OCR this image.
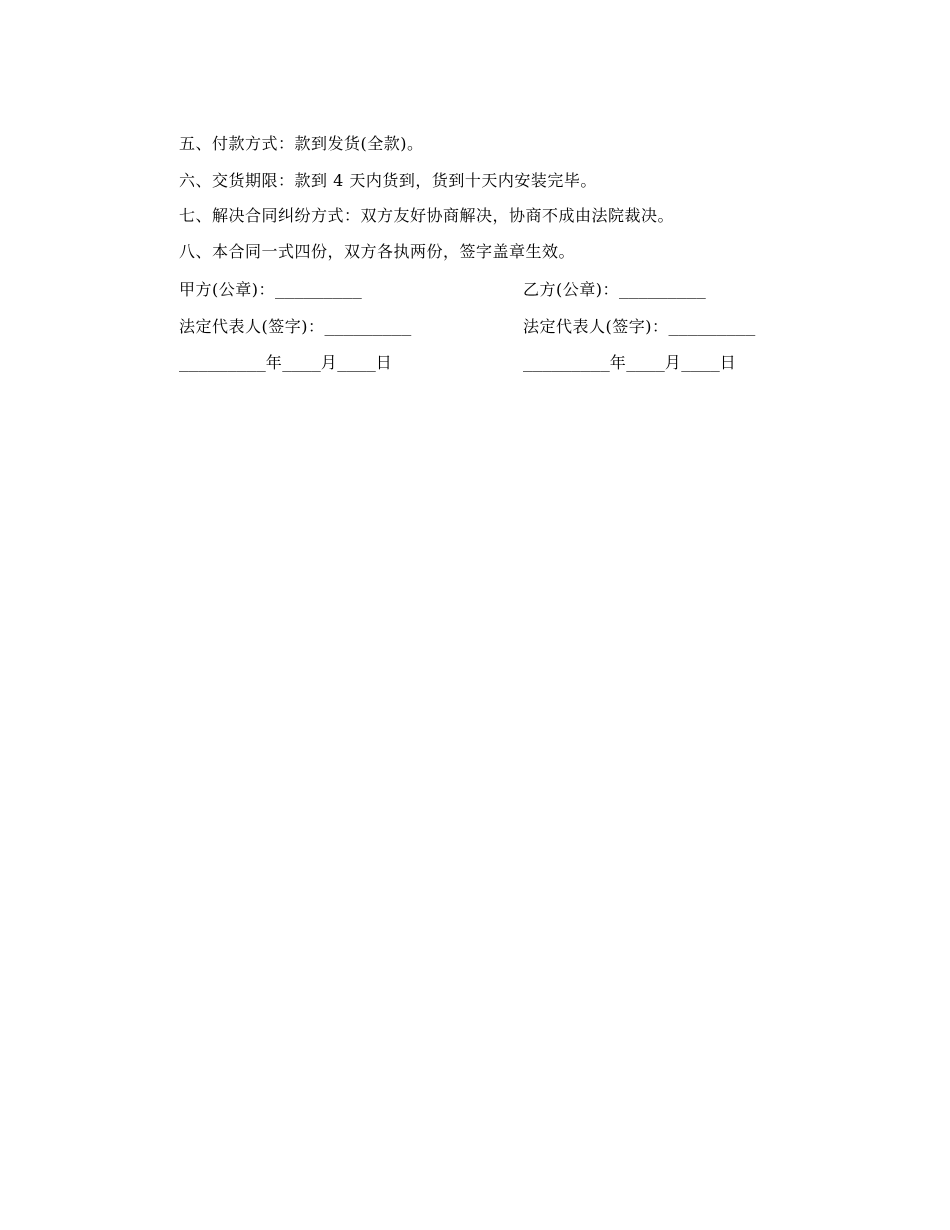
五、付款方式：款到发货(全款)。
六、交货期限：款到 4 天内货到，货到十天内安装完毕。
七、解决合同纠纷方式：双方友好协商解决，协商不成由法院裁决。
八、本合同一式四份，双方各执两份，签字盖章生效。
甲方(公章)：_________	乙方(公章)：_________
法定代表人(签字)：_________	法定代表人(签字)：_________
_________年____月____日	_________年____月____日
